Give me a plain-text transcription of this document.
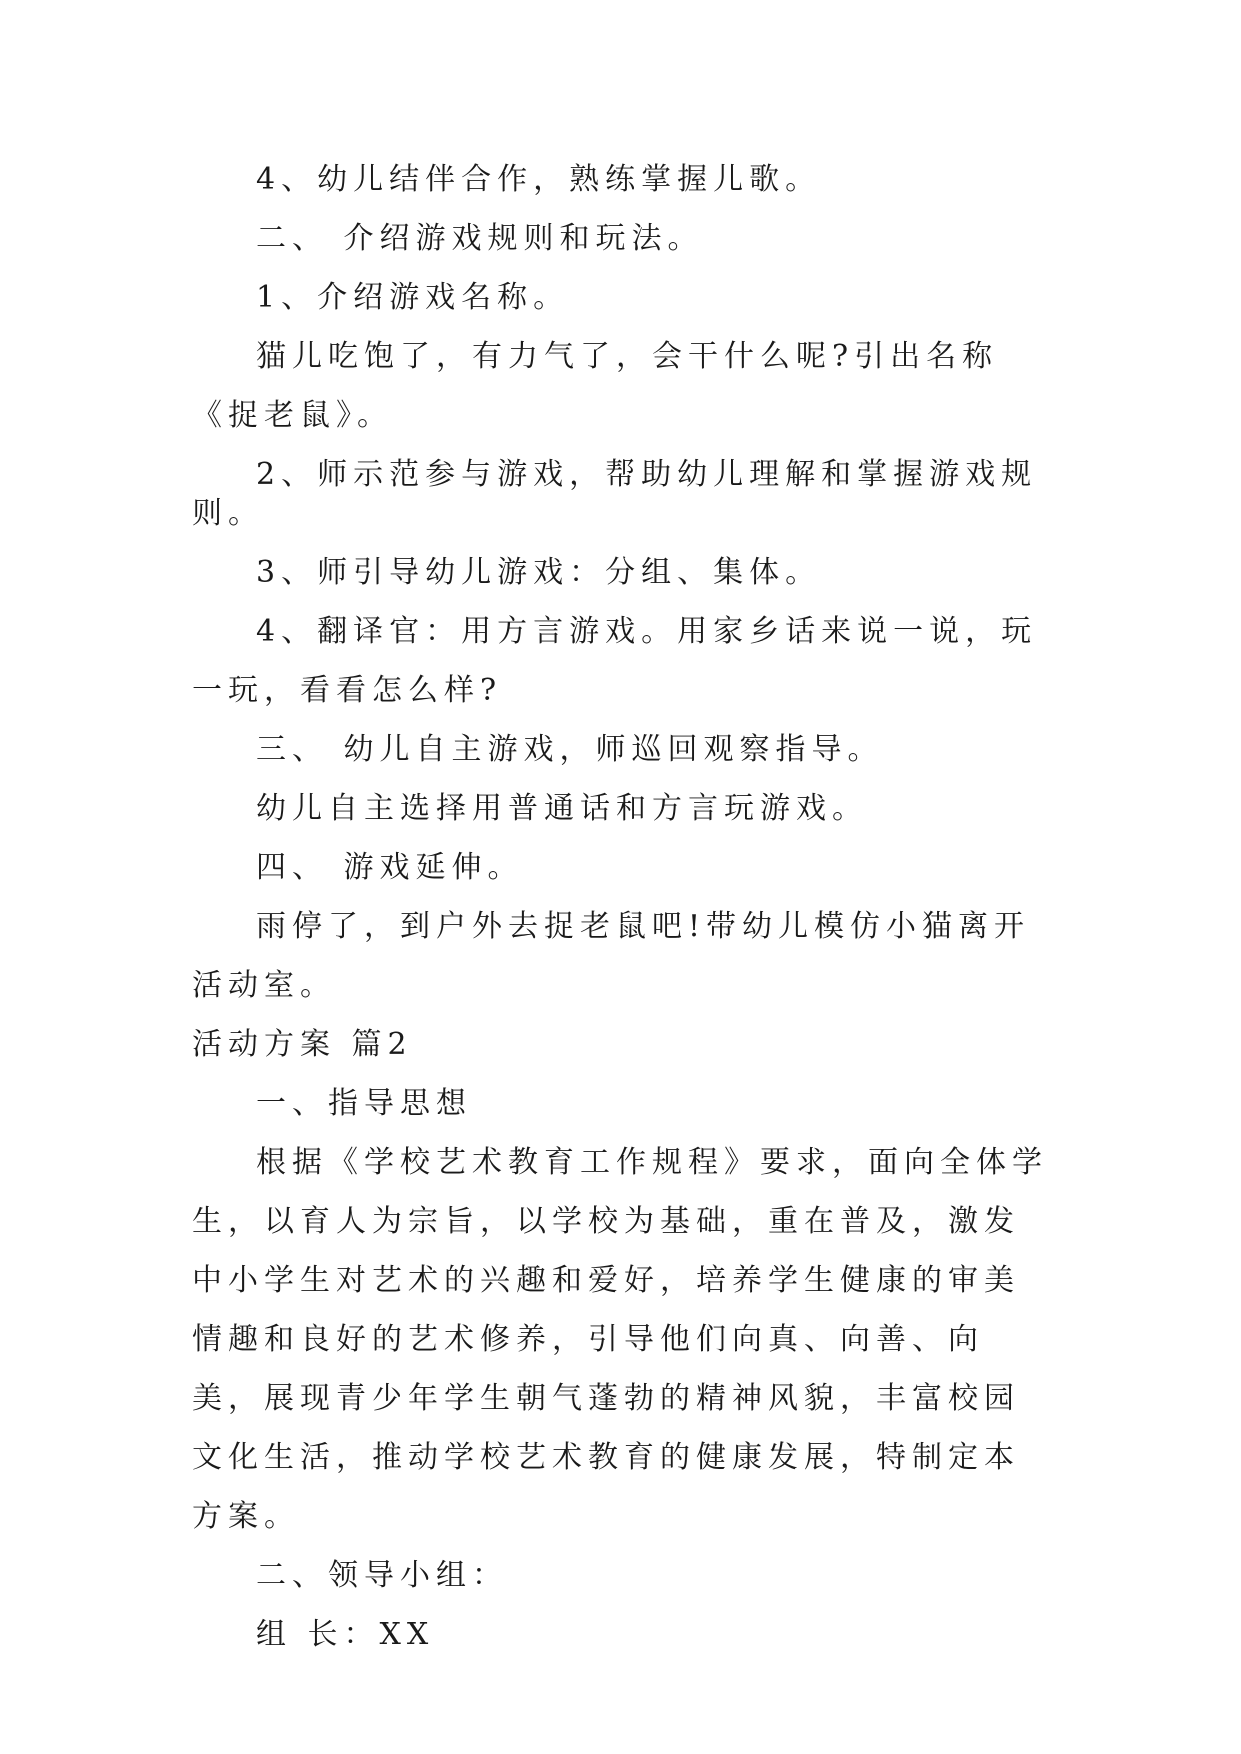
4、幼儿结伴合作，熟练掌握儿歌。

二、 介绍游戏规则和玩法。

1、介绍游戏名称。

猫儿吃饱了，有力气了，会干什么呢?引出名称《捉老鼠》。

2、师示范参与游戏，帮助幼儿理解和掌握游戏规则。

3、师引导幼儿游戏：分组、集体。

4、翻译官：用方言游戏。用家乡话来说一说，玩一玩，看看怎么样?

三、 幼儿自主游戏，师巡回观察指导。

幼儿自主选择用普通话和方言玩游戏。

四、 游戏延伸。

雨停了，到户外去捉老鼠吧!带幼儿模仿小猫离开活动室。

活动方案 篇2

一、指导思想

根据《学校艺术教育工作规程》要求，面向全体学生，以育人为宗旨，以学校为基础，重在普及，激发中小学生对艺术的兴趣和爱好，培养学生健康的审美情趣和良好的艺术修养，引导他们向真、向善、向美，展现青少年学生朝气蓬勃的精神风貌，丰富校园文化生活，推动学校艺术教育的健康发展，特制定本方案。

二、领导小组：

组 长：XX
